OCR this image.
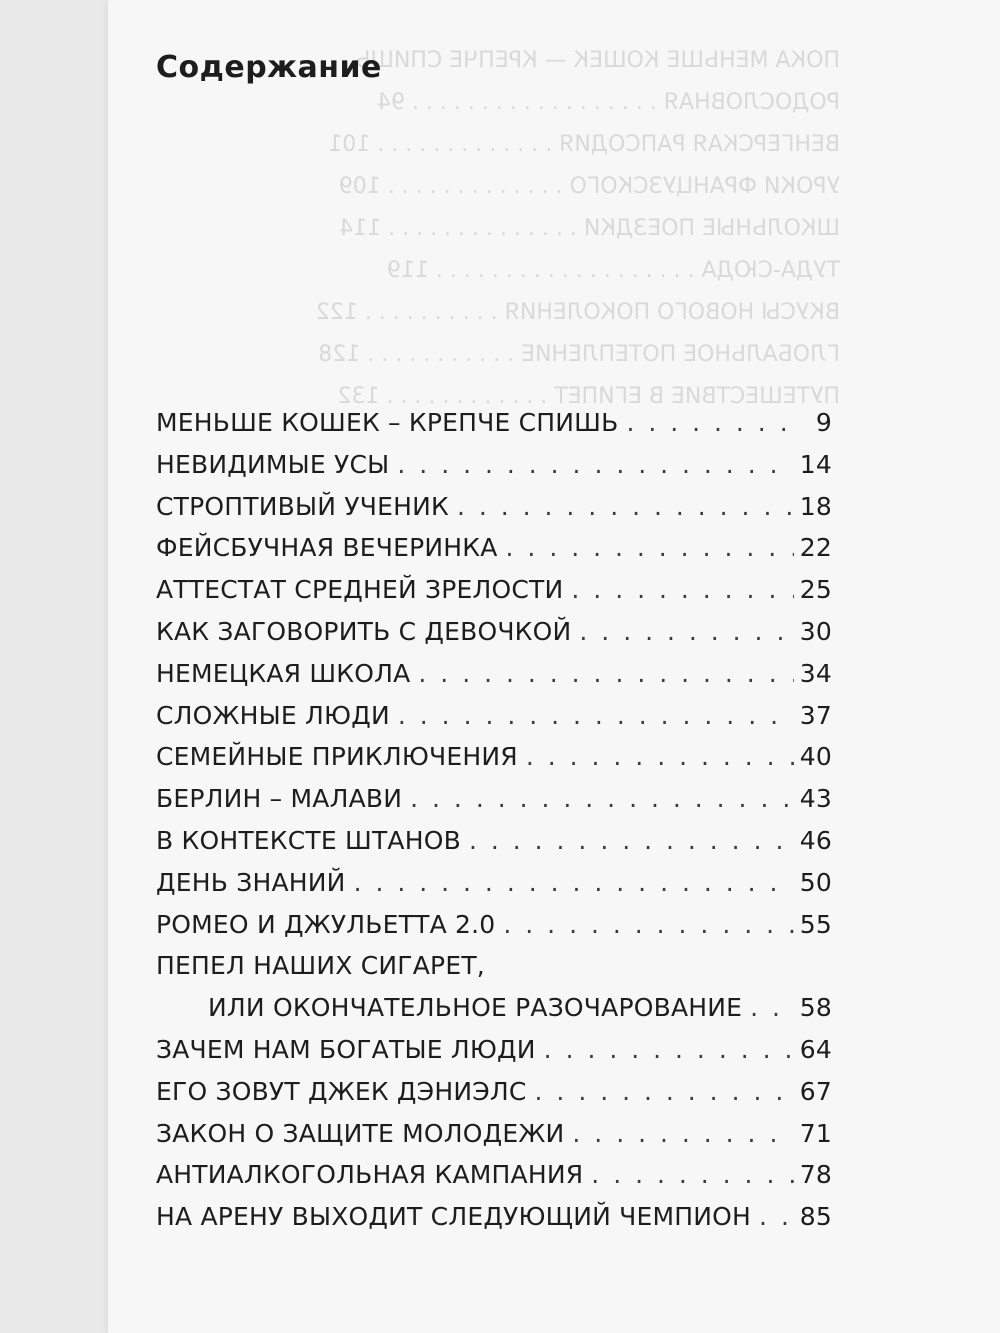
ПОКА МЕНЬШЕ КОШЕК — КРЕПЧЕ СПИШЬ
РОДОСЛОВНАЯ . . . . . . . . . . . . . . . . . . 94
ВЕНГЕРСКАЯ РАПСОДИЯ . . . . . . . . . . . . . 101
УРОКИ ФРАНЦУЗСКОГО . . . . . . . . . . . . . 109
ШКОЛЬНЫЕ ПОЕЗДКИ . . . . . . . . . . . . . . 114
ТУДА-СЮДА . . . . . . . . . . . . . . . . . . . 119
ВКУСЫ НОВОГО ПОКОЛЕНИЯ . . . . . . . . . . 122
ГЛОБАЛЬНОЕ ПОТЕПЛЕНИЕ . . . . . . . . . . . 128
ПУТЕШЕСТВИЕ В ЕГИПЕТ . . . . . . . . . . . . 132
Содержание
МЕНЬШЕ КОШЕК – КРЕПЧЕ СПИШЬ . . .	9
НЕВИДИМЫЕ УСЫ . . .	14
СТРОПТИВЫЙ УЧЕНИК . . .	18
ФЕЙСБУЧНАЯ ВЕЧЕРИНКА . . .	22
АТТЕСТАТ СРЕДНЕЙ ЗРЕЛОСТИ . . .	25
КАК ЗАГОВОРИТЬ С ДЕВОЧКОЙ . . .	30
НЕМЕЦКАЯ ШКОЛА . . .	34
СЛОЖНЫЕ ЛЮДИ . . .	37
СЕМЕЙНЫЕ ПРИКЛЮЧЕНИЯ . . .	40
БЕРЛИН – МАЛАВИ . . .	43
В КОНТЕКСТЕ ШТАНОВ . . .	46
ДЕНЬ ЗНАНИЙ . . .	50
РОМЕО И ДЖУЛЬЕТТА 2.0 . . .	55
ПЕПЕЛ НАШИХ СИГАРЕТ,
ИЛИ ОКОНЧАТЕЛЬНОЕ РАЗОЧАРОВАНИЕ . . . 58
ЗАЧЕМ НАМ БОГАТЫЕ ЛЮДИ . . .	64
ЕГО ЗОВУТ ДЖЕК ДЭНИЭЛС . . .	67
ЗАКОН О ЗАЩИТЕ МОЛОДЕЖИ . . .	71
АНТИАЛКОГОЛЬНАЯ КАМПАНИЯ . . .	78
НА АРЕНУ ВЫХОДИТ СЛЕДУЮЩИЙ ЧЕМПИОН . . . 85
